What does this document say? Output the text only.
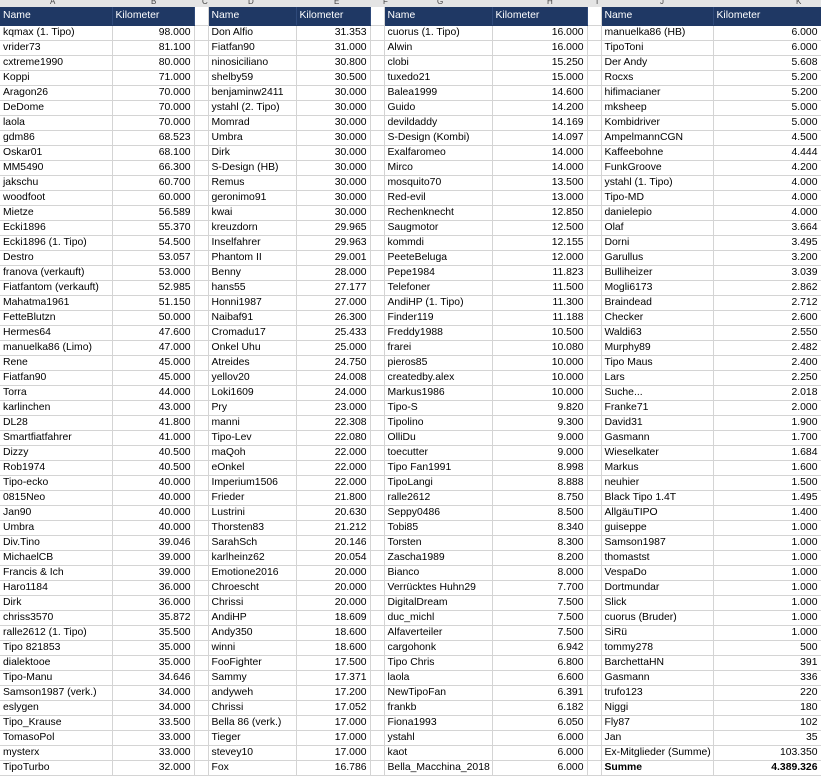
A	B	C	D	E	F	G	H	I	J	K
Name	Kilometer		Name	Kilometer		Name	Kilometer		Name	Kilometer
kqmax (1. Tipo)	98.000		Don Alfio	31.353		cuorus (1. Tipo)	16.000		manuelka86 (HB)	6.000
vrider73	81.100		Fiatfan90	31.000		Alwin	16.000		TipoToni	6.000
cxtreme1990	80.000		ninosiciliano	30.800		clobi	15.250		Der Andy	5.608
Koppi	71.000		shelby59	30.500		tuxedo21	15.000		Rocxs	5.200
Aragon26	70.000		benjaminw2411	30.000		Balea1999	14.600		hifimacianer	5.200
DeDome	70.000		ystahl (2. Tipo)	30.000		Guido	14.200		mksheep	5.000
laola	70.000		Momrad	30.000		devildaddy	14.169		Kombidriver	5.000
gdm86	68.523		Umbra	30.000		S-Design (Kombi)	14.097		AmpelmannCGN	4.500
Oskar01	68.100		Dirk	30.000		Exalfaromeo	14.000		Kaffeebohne	4.444
MM5490	66.300		S-Design (HB)	30.000		Mirco	14.000		FunkGroove	4.200
jakschu	60.700		Remus	30.000		mosquito70	13.500		ystahl (1. Tipo)	4.000
woodfoot	60.000		geronimo91	30.000		Red-evil	13.000		Tipo-MD	4.000
Mietze	56.589		kwai	30.000		Rechenknecht	12.850		danielepio	4.000
Ecki1896	55.370		kreuzdorn	29.965		Saugmotor	12.500		Olaf	3.664
Ecki1896 (1. Tipo)	54.500		Inselfahrer	29.963		kommdi	12.155		Dorni	3.495
Destro	53.057		Phantom II	29.001		PeeteBeluga	12.000		Garullus	3.200
franova (verkauft)	53.000		Benny	28.000		Pepe1984	11.823		Bulliheizer	3.039
Fiatfantom (verkauft)	52.985		hans55	27.177		Telefoner	11.500		Mogli6173	2.862
Mahatma1961	51.150		Honni1987	27.000		AndiHP (1. Tipo)	11.300		Braindead	2.712
FetteBlutzn	50.000		Naibaf91	26.300		Finder119	11.188		Checker	2.600
Hermes64	47.600		Cromadu17	25.433		Freddy1988	10.500		Waldi63	2.550
manuelka86 (Limo)	47.000		Onkel Uhu	25.000		frarei	10.080		Murphy89	2.482
Rene	45.000		Atreides	24.750		pieros85	10.000		Tipo Maus	2.400
Fiatfan90	45.000		yellov20	24.008		createdby.alex	10.000		Lars	2.250
Torra	44.000		Loki1609	24.000		Markus1986	10.000		Suche...	2.018
karlinchen	43.000		Pry	23.000		Tipo-S	9.820		Franke71	2.000
DL28	41.800		manni	22.308		Tipolino	9.300		David31	1.900
Smartfiatfahrer	41.000		Tipo-Lev	22.080		OlliDu	9.000		Gasmann	1.700
Dizzy	40.500		maQoh	22.000		toecutter	9.000		Wieselkater	1.684
Rob1974	40.500		eOnkel	22.000		Tipo Fan1991	8.998		Markus	1.600
Tipo-ecko	40.000		Imperium1506	22.000		TipoLangi	8.888		neuhier	1.500
0815Neo	40.000		Frieder	21.800		ralle2612	8.750		Black Tipo 1.4T	1.495
Jan90	40.000		Lustrini	20.630		Seppy0486	8.500		AllgäuTIPO	1.400
Umbra	40.000		Thorsten83	21.212		Tobi85	8.340		guiseppe	1.000
Div.Tino	39.046		SarahSch	20.146		Torsten	8.300		Samson1987	1.000
MichaelCB	39.000		karlheinz62	20.054		Zascha1989	8.200		thomastst	1.000
Francis & Ich	39.000		Emotione2016	20.000		Bianco	8.000		VespaDo	1.000
Haro1184	36.000		Chroescht	20.000		Verrücktes Huhn29	7.700		Dortmundar	1.000
Dirk	36.000		Chrissi	20.000		DigitalDream	7.500		Slick	1.000
chriss3570	35.872		AndiHP	18.609		duc_michl	7.500		cuorus (Bruder)	1.000
ralle2612 (1. Tipo)	35.500		Andy350	18.600		Alfaverteiler	7.500		SiRü	1.000
Tipo 821853	35.000		winni	18.600		cargohonk	6.942		tommy278	500
dialektooe	35.000		FooFighter	17.500		Tipo Chris	6.800		BarchettaHN	391
Tipo-Manu	34.646		Sammy	17.371		laola	6.600		Gasmann	336
Samson1987 (verk.)	34.000		andyweh	17.200		NewTipoFan	6.391		trufo123	220
eslygen	34.000		Chrissi	17.052		frankb	6.182		Niggi	180
Tipo_Krause	33.500		Bella 86 (verk.)	17.000		Fiona1993	6.050		Fly87	102
TomasoPol	33.000		Tieger	17.000		ystahl	6.000		Jan	35
mysterx	33.000		stevey10	17.000		kaot	6.000		Ex-Mitglieder (Summe)	103.350
TipoTurbo	32.000		Fox	16.786		Bella_Macchina_2018	6.000		Summe	4.389.326
